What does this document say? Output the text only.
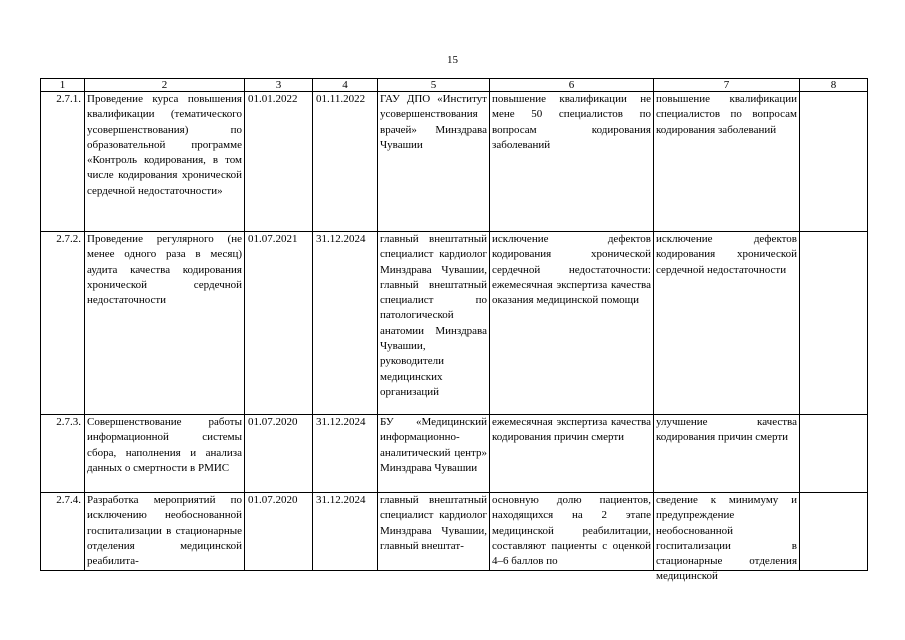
15
1	2	3	4	5	6	7	8
2.7.1.	Проведение курса повышения квалификации (тематического усовершенствования) по образовательной программе «Контроль кодирования, в том числе кодирования хронической сердечной недостаточности»	01.01.2022	01.11.2022	ГАУ ДПО «Институт усовершенствования врачей» Минздрава Чувашии	повышение квалификации не мене 50 специалистов по вопросам кодирования заболеваний	повышение квалификации специалистов по вопросам кодирования заболеваний	
2.7.2.	Проведение регулярного (не менее одного раза в месяц) аудита качества кодирования хронической сердечной недостаточности	01.07.2021	31.12.2024	главный внештатный специалист кардиолог Минздрава Чувашии, главный внештатный специалист по патологической анатомии Минздрава Чувашии, руководители медицинских организаций	исключение дефектов кодирования хронической сердечной недостаточности: ежемесячная экспертиза качества оказания медицинской помощи	исключение дефектов кодирования хронической сердечной недостаточности	
2.7.3.	Совершенствование работы информационной системы сбора, наполнения и анализа данных о смертности в РМИС	01.07.2020	31.12.2024	БУ «Медицинский информационно-аналитический центр» Минздрава Чувашии	ежемесячная экспертиза качества кодирования причин смерти	улучшение качества кодирования причин смерти	
2.7.4.	Разработка мероприятий по исключению необоснованной госпитализации в стационарные отделения медицинской реабилита-	01.07.2020	31.12.2024	главный внештатный специалист кардиолог Минздрава Чувашии, главный внештат-	основную долю пациентов, находящихся на 2 этапе медицинской реабилитации, составляют пациенты с оценкой 4–6 баллов по	сведение к минимуму и предупреждение необоснованной госпитализации в стационарные отделения медицинской	
